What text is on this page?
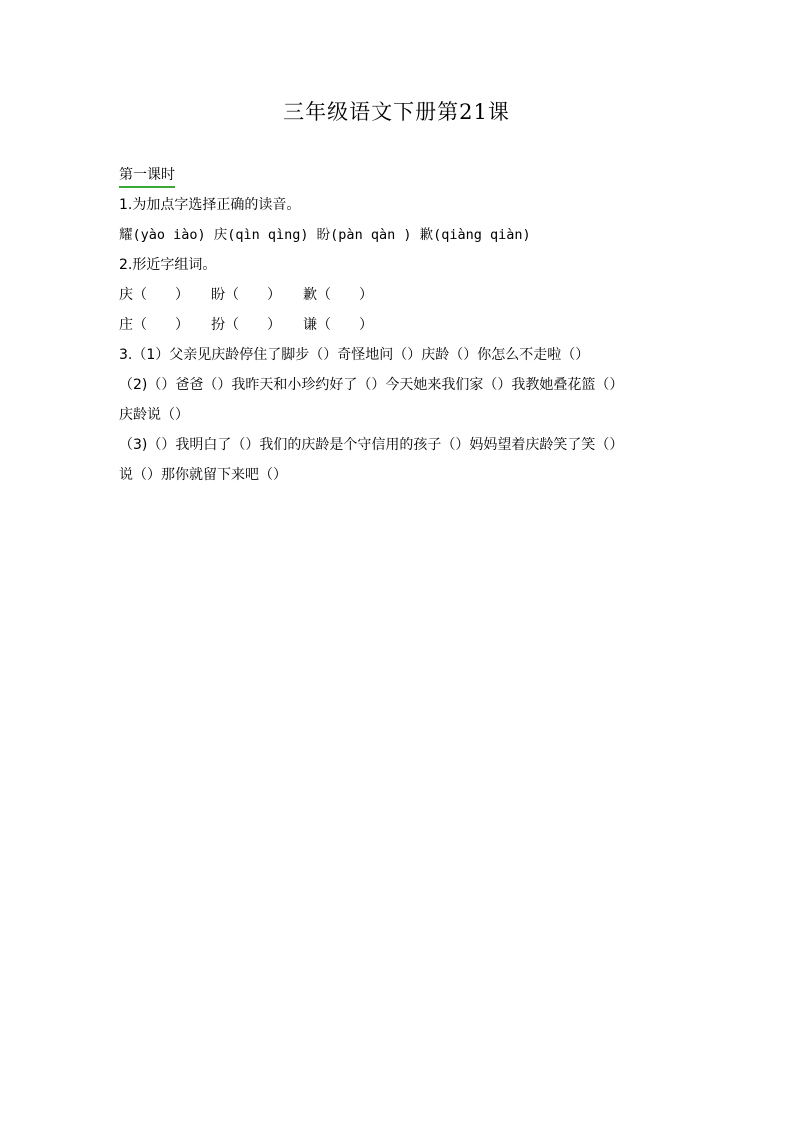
三年级语文下册第21课
第一课时
1.为加点字选择正确的读音。
耀(yào iào) 庆(qìn qìng) 盼(pàn qàn ) 歉(qiàng qiàn)
2.形近字组词。
庆（　　）	盼（　　）	歉（　　）
庄（　　）	扮（　　）	谦（　　）
3.（1）父亲见庆龄停住了脚步（）奇怪地问（）庆龄（）你怎么不走啦（）
（2)（）爸爸（）我昨天和小珍约好了（）今天她来我们家（）我教她叠花篮（）
庆龄说（）
（3)（）我明白了（）我们的庆龄是个守信用的孩子（）妈妈望着庆龄笑了笑（）
说（）那你就留下来吧（）
